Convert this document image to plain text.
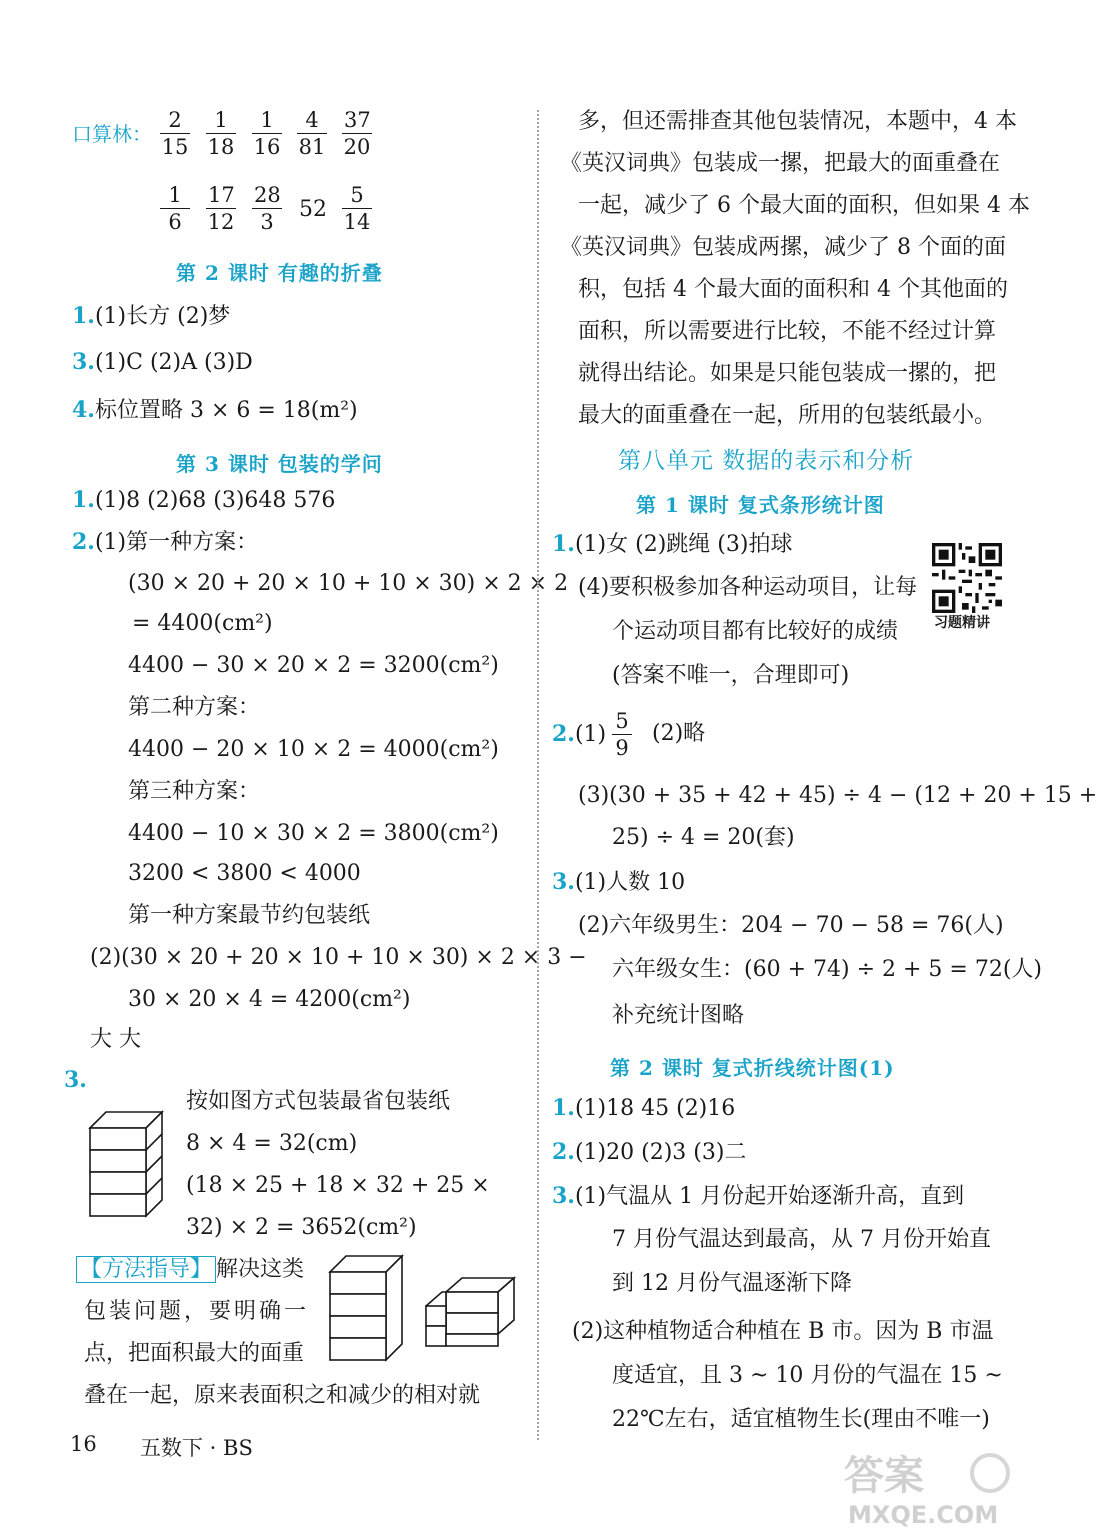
口算林： $\frac{2}{15} \frac{1}{18} \frac{1}{16} \frac{4}{81} \frac{37}{20}$
$\frac{1}{6} \frac{17}{12} \frac{28}{3} 52 \frac{5}{14}$
第 2 课时 有趣的折叠
1.(1)长方 (2)梦
3.(1)C (2)A (3)D
4.标位置略 3 × 6 = 18(m²)
第 3 课时 包装的学问
1.(1)8 (2)68 (3)648 576
2.(1)第一种方案：
(30 × 20 + 20 × 10 + 10 × 30) × 2 × 2
= 4400(cm²)
4400 − 30 × 20 × 2 = 3200(cm²)
第二种方案：
4400 − 20 × 10 × 2 = 4000(cm²)
第三种方案：
4400 − 10 × 30 × 2 = 3800(cm²)
3200 < 3800 < 4000
第一种方案最节约包装纸
(2)(30 × 20 + 20 × 10 + 10 × 30) × 2 × 3 −
30 × 20 × 4 = 4200(cm²)
大 大
3.
按如图方式包装最省包装纸
8 × 4 = 32(cm)
(18 × 25 + 18 × 32 + 25 ×
32) × 2 = 3652(cm²)
【方法指导】 解决这类
包装问题，要明确一
点，把面积最大的面重
叠在一起，原来表面积之和减少的相对就
多，但还需排查其他包装情况，本题中，4 本
《英汉词典》包装成一摞，把最大的面重叠在
一起，减少了 6 个最大面的面积，但如果 4 本
《英汉词典》包装成两摞，减少了 8 个面的面
积，包括 4 个最大面的面积和 4 个其他面的
面积，所以需要进行比较，不能不经过计算
就得出结论。如果是只能包装成一摞的，把
最大的面重叠在一起，所用的包装纸最小。
第八单元 数据的表示和分析
第 1 课时 复式条形统计图
1.(1)女 (2)跳绳 (3)拍球
(4)要积极参加各种运动项目，让每
个运动项目都有比较好的成绩
(答案不唯一，合理即可)
习题精讲
$2.(1) \frac{5}{9} (2)$略
(3)(30 + 35 + 42 + 45) ÷ 4 − (12 + 20 + 15 +
25) ÷ 4 = 20(套)
3.(1)人数 10
(2)六年级男生：204 − 70 − 58 = 76(人)
六年级女生：(60 + 74) ÷ 2 + 5 = 72(人)
补充统计图略
第 2 课时 复式折线统计图(1)
1.(1)18 45 (2)16
2.(1)20 (2)3 (3)二
3.(1)气温从 1 月份起开始逐渐升高，直到
7 月份气温达到最高，从 7 月份开始直
到 12 月份气温逐渐下降
(2)这种植物适合种植在 B 市。因为 B 市温
度适宜，且 3 ~ 10 月份的气温在 15 ~
22℃左右，适宜植物生长(理由不唯一)
16 五数下 · BS
答案
MXQE.COM
